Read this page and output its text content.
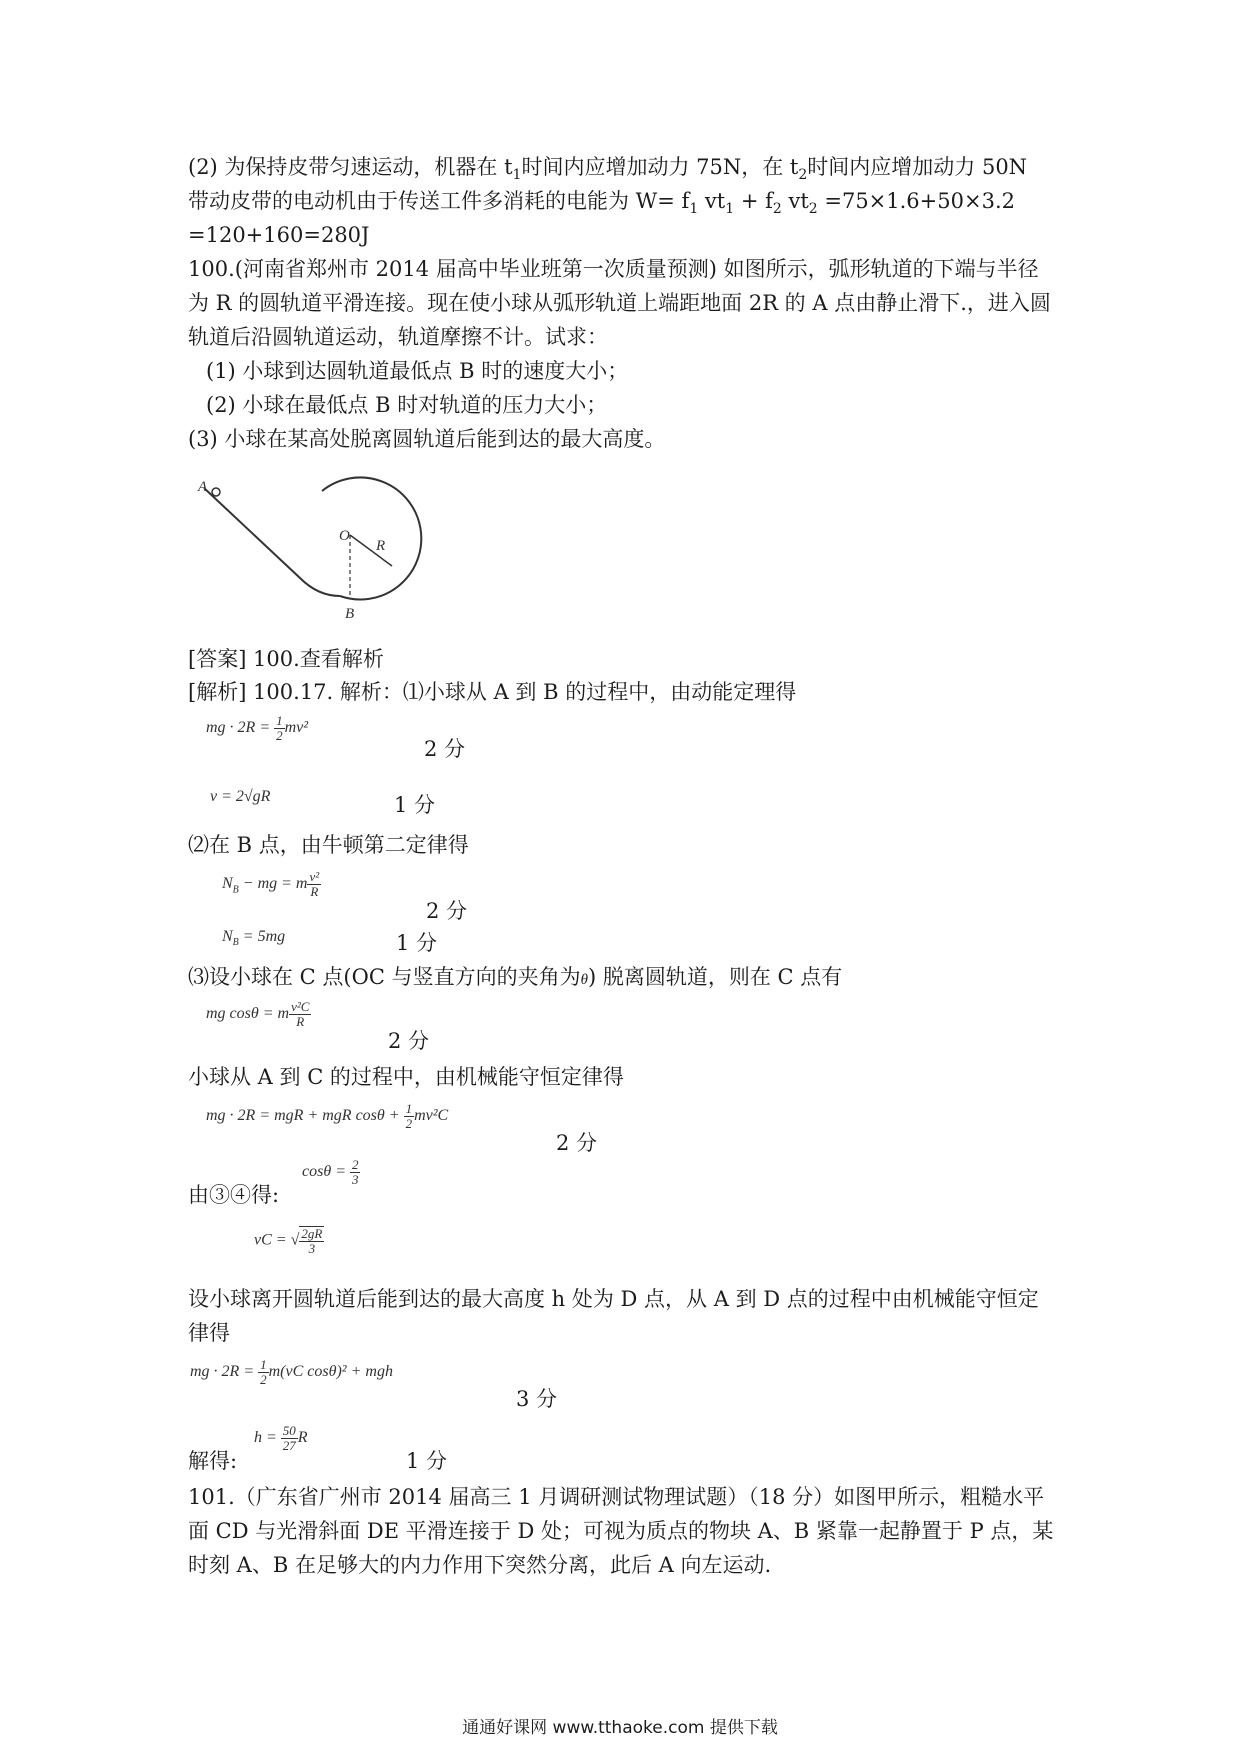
(2) 为保持皮带匀速运动，机器在 $t_1$时间内应增加动力 75N，在 $t_2$时间内应增加动力 50N
带动皮带的电动机由于传送工件多消耗的电能为 $W= f_1$ $vt_1 + f_2$ $vt_2 =75\times 1.6+50\times 3.2$
=120+160=280J
100.(河南省郑州市 2014 届高中毕业班第一次质量预测) 如图所示，弧形轨道的下端与半径
为 R 的圆轨道平滑连接。现在使小球从弧形轨道上端距地面 2R 的 A 点由静止滑下.，进入圆
轨道后沿圆轨道运动，轨道摩擦不计。试求：
(1) 小球到达圆轨道最低点 B 时的速度大小；
(2) 小球在最低点 B 时对轨道的压力大小；
(3) 小球在某高处脱离圆轨道后能到达的最大高度。
A
O
R
B
[答案] 100.查看解析
[解析] 100.17. 解析：⑴小球从 A 到 B 的过程中，由动能定理得
mg · $2R = \frac{1}{2} mv^2$
2 分
v = 2√gR	1 分
⑵在 B 点，由牛顿第二定律得
$N_B$ − mg = m $\frac{\text{v²}}{R}$
2 分
$N_B = 5mg$	1 分
⑶设小球在 C 点(OC 与竖直方向的夹角为θ) 脱离圆轨道，则在 C 点有
mg cosθ = m $\frac{\text{v²C}}{R}$
2 分
小球从 A 到 C 的过程中，由机械能守恒定律得
mg · 2R = mgR + mgR $\cos\theta + \frac{1}{2} mv^2C$
2 分
由③④得:
$\cos\theta = \frac{2}{3}$
vC = √ $\frac{2gR}{3}$
设小球离开圆轨道后能到达的最大高度 h 处为 D 点，从 A 到 D 点的过程中由机械能守恒定
律得
mg · $2R = \frac{1}{2} m(vC$ cosθ)² + mgh
3 分
解得:
$h = \frac{50}{27}$ R
1 分
101.（广东省广州市 2014 届高三 1 月调研测试物理试题）（18 分）如图甲所示，粗糙水平
面 CD 与光滑斜面 DE 平滑连接于 D 处；可视为质点的物块 A、B 紧靠一起静置于 P 点，某
时刻 A、B 在足够大的内力作用下突然分离，此后 A 向左运动.
通通好课网 www.tthaoke.com 提供下载
